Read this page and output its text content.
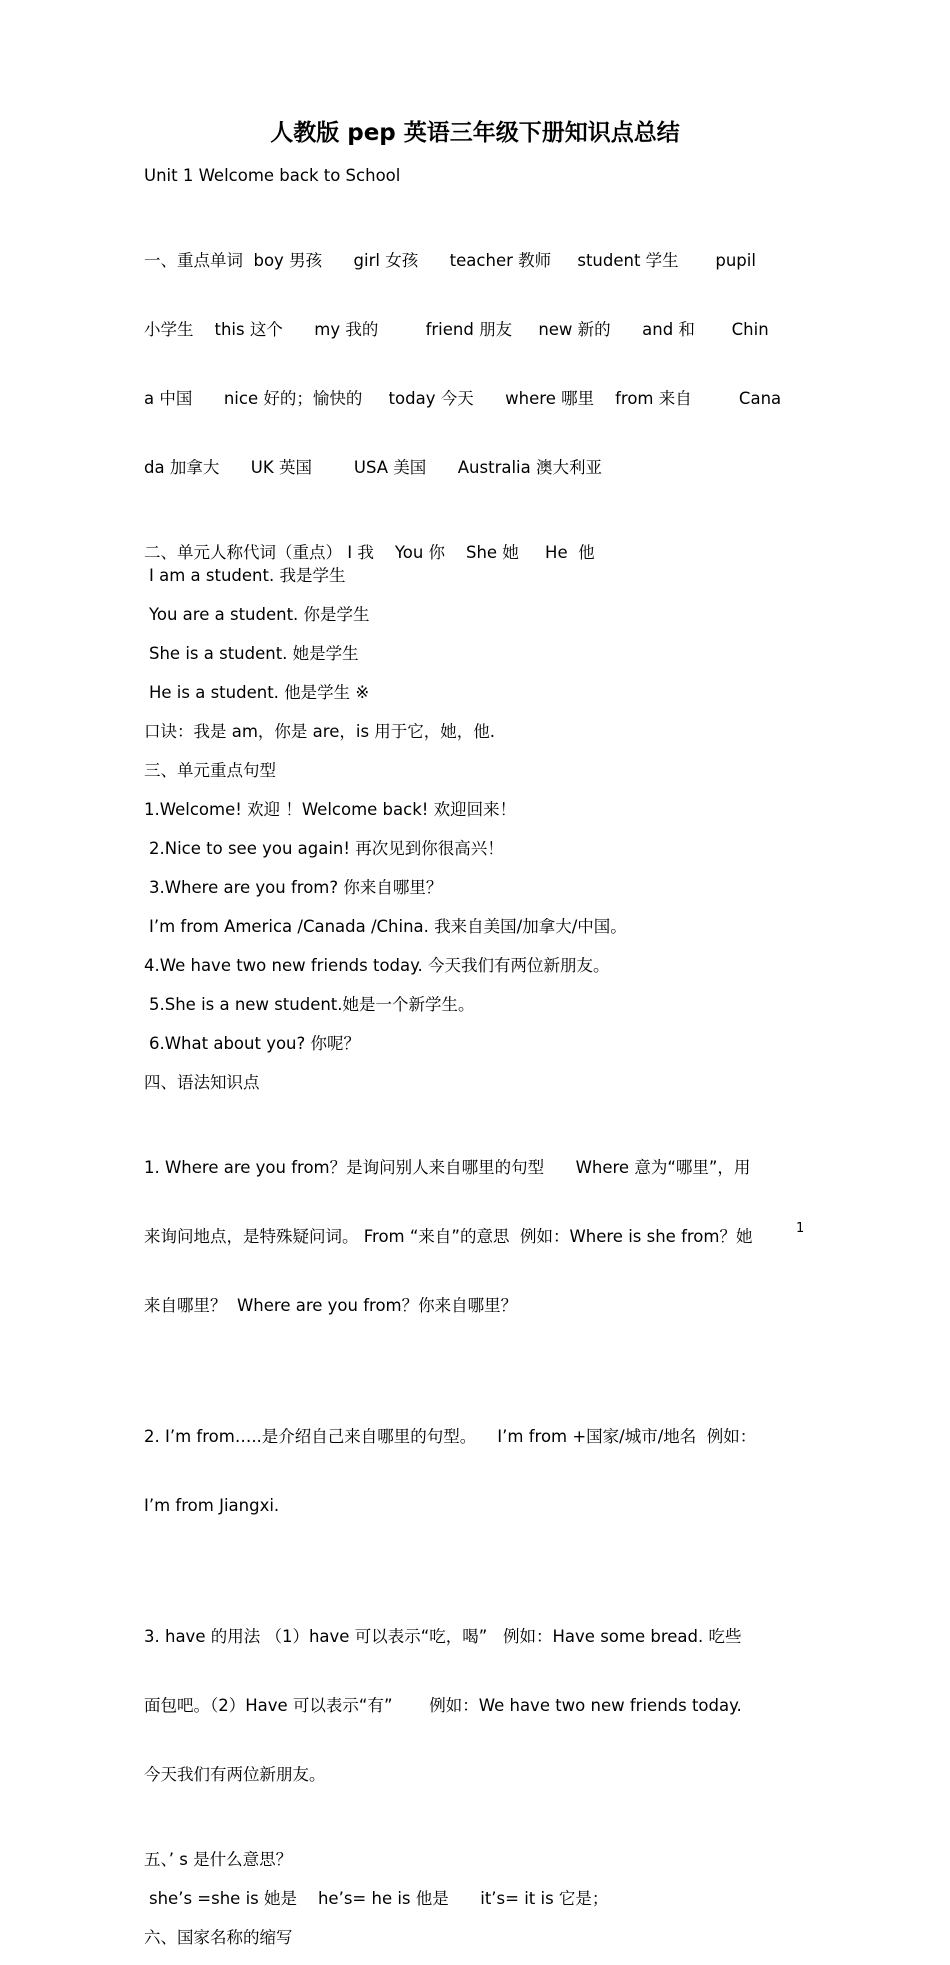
人教版 pep 英语三年级下册知识点总结

Unit 1 Welcome back to School

一、重点单词  boy 男孩      girl 女孩      teacher 教师     student 学生       pupil

小学生    this 这个      my 我的         friend 朋友     new 新的      and 和       Chin

a 中国      nice 好的；愉快的     today 今天      where 哪里    from 来自         Cana

da 加拿大      UK 英国        USA 美国      Australia 澳大利亚

二、单元人称代词（重点） I 我    You 你    She 她     He  他

I am a student. 我是学生

You are a student. 你是学生

She is a student. 她是学生

He is a student. 他是学生 ※

口诀：我是 am，你是 are，is 用于它，她，他.

三、单元重点句型

1.Welcome! 欢迎 ！Welcome back! 欢迎回来！

2.Nice to see you again! 再次见到你很高兴！

3.Where are you from? 你来自哪里？

I’m from America /Canada /China. 我来自美国/加拿大/中国。

4.We have two new friends today. 今天我们有两位新朋友。

5.She is a new student.她是一个新学生。

6.What about you? 你呢？

四、语法知识点

1. Where are you from？是询问别人来自哪里的句型      Where 意为“哪里”，用

来询问地点，是特殊疑问词。 From “来自”的意思  例如：Where is she from？她

来自哪里？  Where are you from？你来自哪里？

2. I’m from…..是介绍自己来自哪里的句型。    I’m from +国家/城市/地名  例如：

I’m from Jiangxi.

3. have 的用法 （1）have 可以表示“吃，喝”   例如：Have some bread. 吃些

面包吧。（2）Have 可以表示“有”       例如：We have two new friends today.

今天我们有两位新朋友。

五、’ s 是什么意思？

she’s =she is 她是    he’s= he is 他是      it’s= it is 它是；

六、国家名称的缩写

1
